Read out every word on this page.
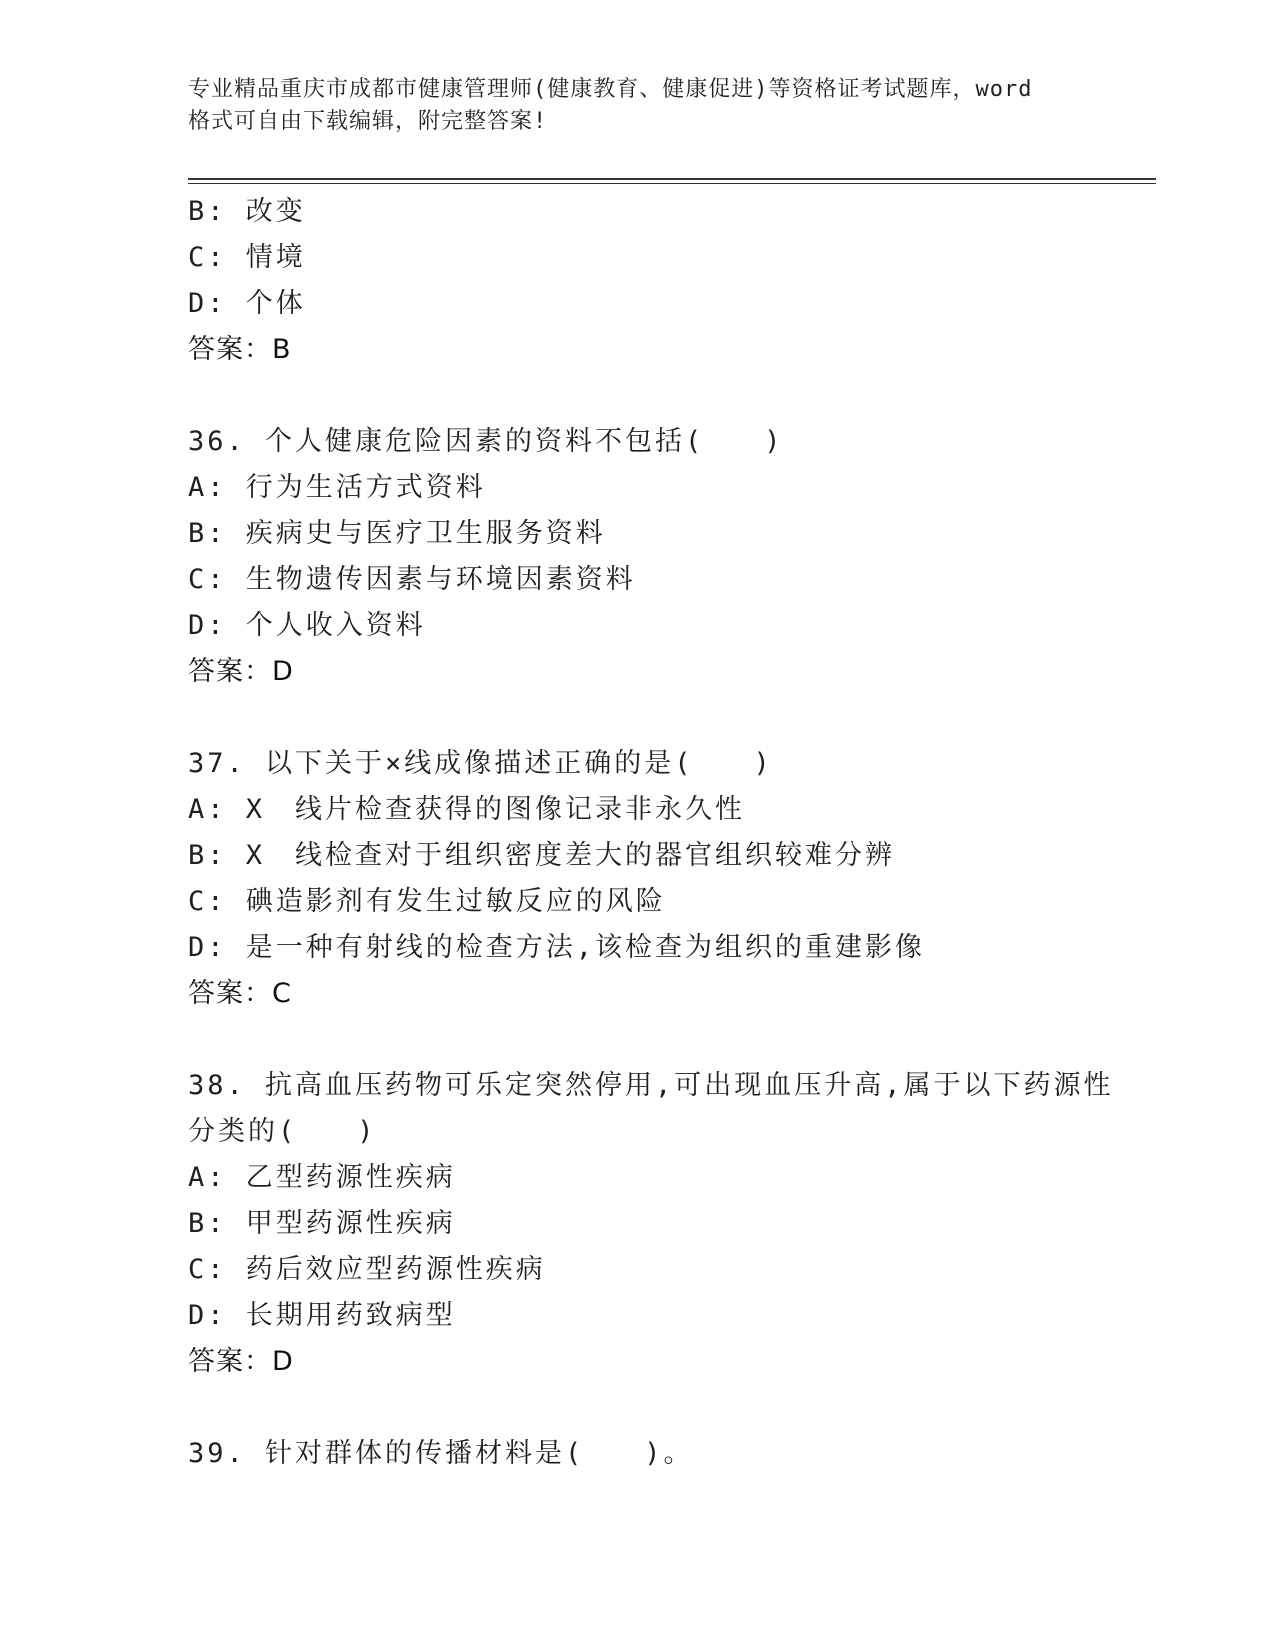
专业精品重庆市成都市健康管理师(健康教育、健康促进)等资格证考试题库，word
格式可自由下载编辑，附完整答案!
B: 改变
C: 情境
D: 个体
答案：B
36. 个人健康危险因素的资料不包括(　　)
A: 行为生活方式资料
B: 疾病史与医疗卫生服务资料
C: 生物遗传因素与环境因素资料
D: 个人收入资料
答案：D
37. 以下关于×线成像描述正确的是(　　)
A: X　线片检查获得的图像记录非永久性
B: X　线检查对于组织密度差大的器官组织较难分辨
C: 碘造影剂有发生过敏反应的风险
D: 是一种有射线的检查方法,该检查为组织的重建影像
答案：C
38. 抗高血压药物可乐定突然停用,可出现血压升高,属于以下药源性
分类的(　　)
A: 乙型药源性疾病
B: 甲型药源性疾病
C: 药后效应型药源性疾病
D: 长期用药致病型
答案：D
39. 针对群体的传播材料是(　　)。
